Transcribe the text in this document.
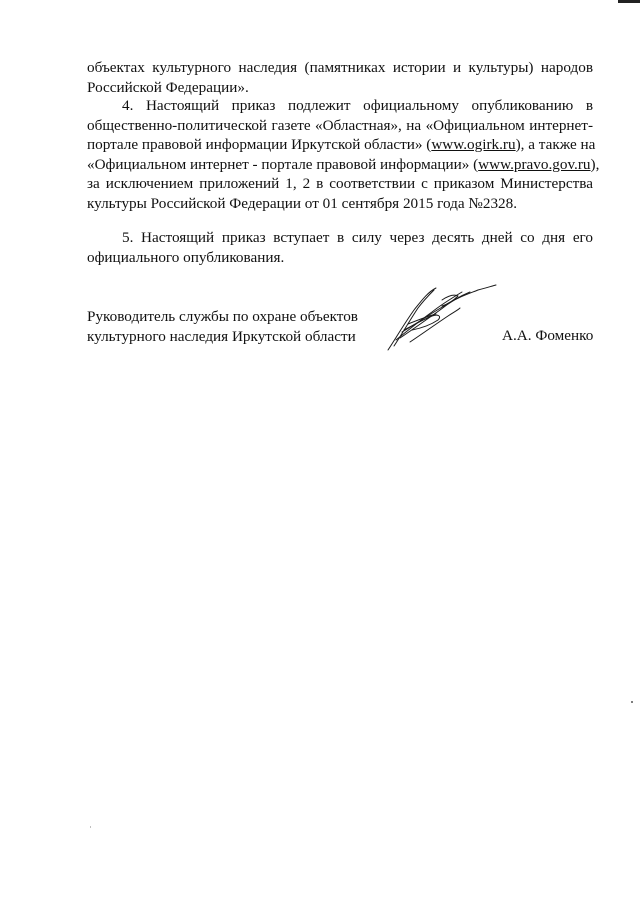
объектах культурного наследия (памятниках истории и культуры) народов
Российской Федерации».
4. Настоящий приказ подлежит официальному опубликованию в
общественно-политической газете «Областная», на «Официальном интернет-
портале правовой информации Иркутской области» (www.ogirk.ru), а также на
«Официальном интернет - портале правовой информации» (www.pravo.gov.ru),
за исключением приложений 1, 2 в соответствии с приказом Министерства
культуры Российской Федерации от 01 сентября 2015 года №2328.
5. Настоящий приказ вступает в силу через десять дней со дня его
официального опубликования.
Руководитель службы по охране объектов
культурного наследия Иркутской области	А.А. Фоменко
